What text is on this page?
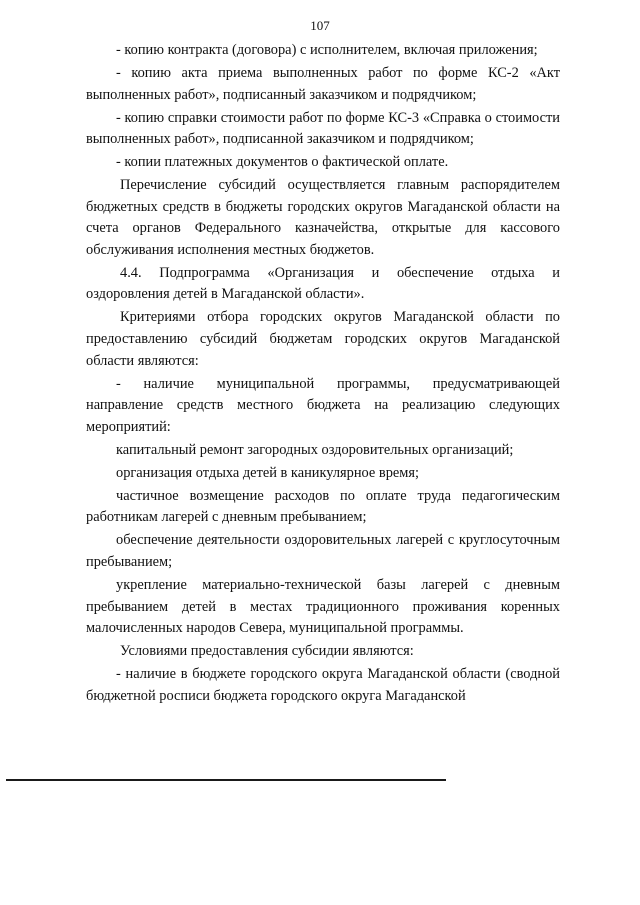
107

- копию контракта (договора) с исполнителем, включая приложения;

- копию акта приема выполненных работ по форме КС-2 «Акт выполненных работ», подписанный заказчиком и подрядчиком;

- копию справки стоимости работ по форме КС-3 «Справка о стоимости выполненных работ», подписанной заказчиком и подрядчиком;

- копии платежных документов о фактической оплате.

Перечисление субсидий осуществляется главным распорядителем бюджетных средств в бюджеты городских округов Магаданской области на счета органов Федерального казначейства, открытые для кассового обслуживания исполнения местных бюджетов.

4.4. Подпрограмма «Организация и обеспечение отдыха и оздоровления детей в Магаданской области».

Критериями отбора городских округов Магаданской области по предоставлению субсидий бюджетам городских округов Магаданской области являются:

- наличие муниципальной программы, предусматривающей направление средств местного бюджета на реализацию следующих мероприятий:

капитальный ремонт загородных оздоровительных организаций;

организация отдыха детей в каникулярное время;

частичное возмещение расходов по оплате труда педагогическим работникам лагерей с дневным пребыванием;

обеспечение деятельности оздоровительных лагерей с круглосуточным пребыванием;

укрепление материально-технической базы лагерей с дневным пребыванием детей в местах традиционного проживания коренных малочисленных народов Севера, муниципальной программы.

Условиями предоставления субсидии являются:

- наличие в бюджете городского округа Магаданской области (сводной бюджетной росписи бюджета городского округа Магаданской
